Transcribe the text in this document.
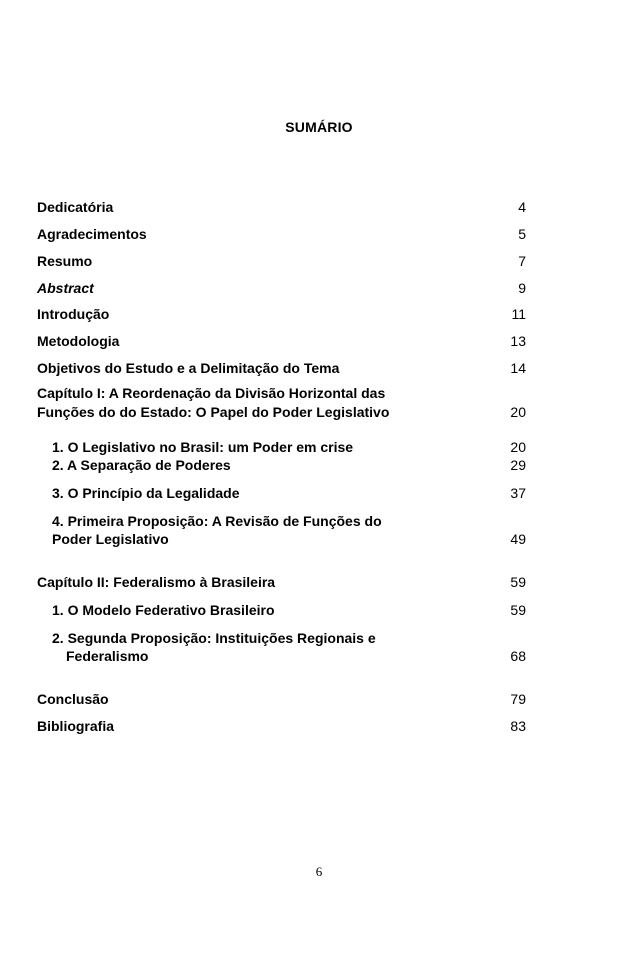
SUMÁRIO
Dedicatória	4
Agradecimentos	5
Resumo	7
Abstract	9
Introdução	11
Metodologia	13
Objetivos do Estudo e a Delimitação do Tema	14
Capítulo I: A Reordenação da Divisão Horizontal das
Funções do do Estado: O Papel do Poder Legislativo	20
1. O Legislativo no Brasil: um Poder em crise	20
2. A Separação de Poderes	29
3. O Princípio da Legalidade	37
4. Primeira Proposição: A Revisão de Funções do
Poder Legislativo	49
Capítulo II: Federalismo à Brasileira	59
1. O Modelo Federativo Brasileiro	59
2. Segunda Proposição: Instituições Regionais e
Federalismo	68
Conclusão	79
Bibliografia	83
6
